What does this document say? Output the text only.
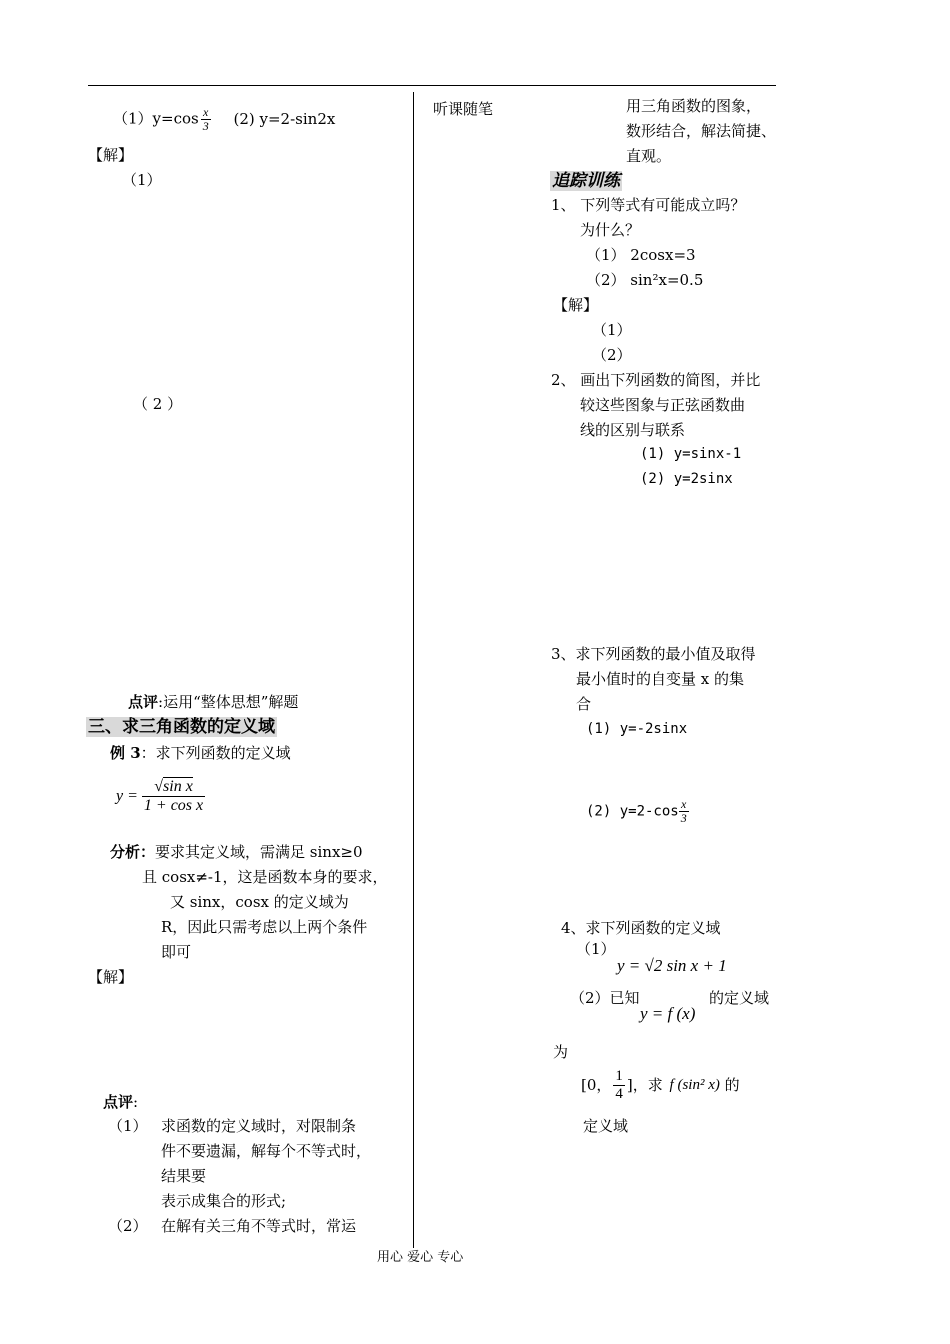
$(1)y=\cos \frac{x}{3} (2)$ y=2-sin2x
【解】
（1）
（ 2 ）
点评:运用“整体思想”解题
三、求三角函数的定义域
例 3：求下列函数的定义域
$y = \frac{\text{√sin x}}{\text{1 + cos x}}$
分析：要求其定义域，需满足 sinx≥0
且 cosx≠-1，这是函数本身的要求，
又 sinx，cosx 的定义域为
R，因此只需考虑以上两个条件
即可
【解】
点评:
（1） 求函数的定义域时，对限制条
件不要遗漏，解每个不等式时，
结果要
表示成集合的形式;
（2） 在解有关三角不等式时，常运
听课随笔	用三角函数的图象，
数形结合，解法简捷、
直观。
追踪训练
1、 下列等式有可能成立吗？
为什么？
（1） 2cosx=3
（2） sin²x=0.5
【解】
（1）
（2）
2、 画出下列函数的简图，并比
较这些图象与正弦函数曲
线的区别与联系
(1) y=sinx-1
(2) y=2sinx
3、求下列函数的最小值及取得
最小值时的自变量 x 的集
合
(1) y=-2sinx
(2) $y=2-\cos \frac{x}{3}$
4、求下列函数的定义域
（1）
y = √2 sin x + 1
（2）已知
y = f (x)
的定义域
为
[0， $\frac{1}{4}$ ]，求 f (sin² x) 的
定义域
用心 爱心 专心
